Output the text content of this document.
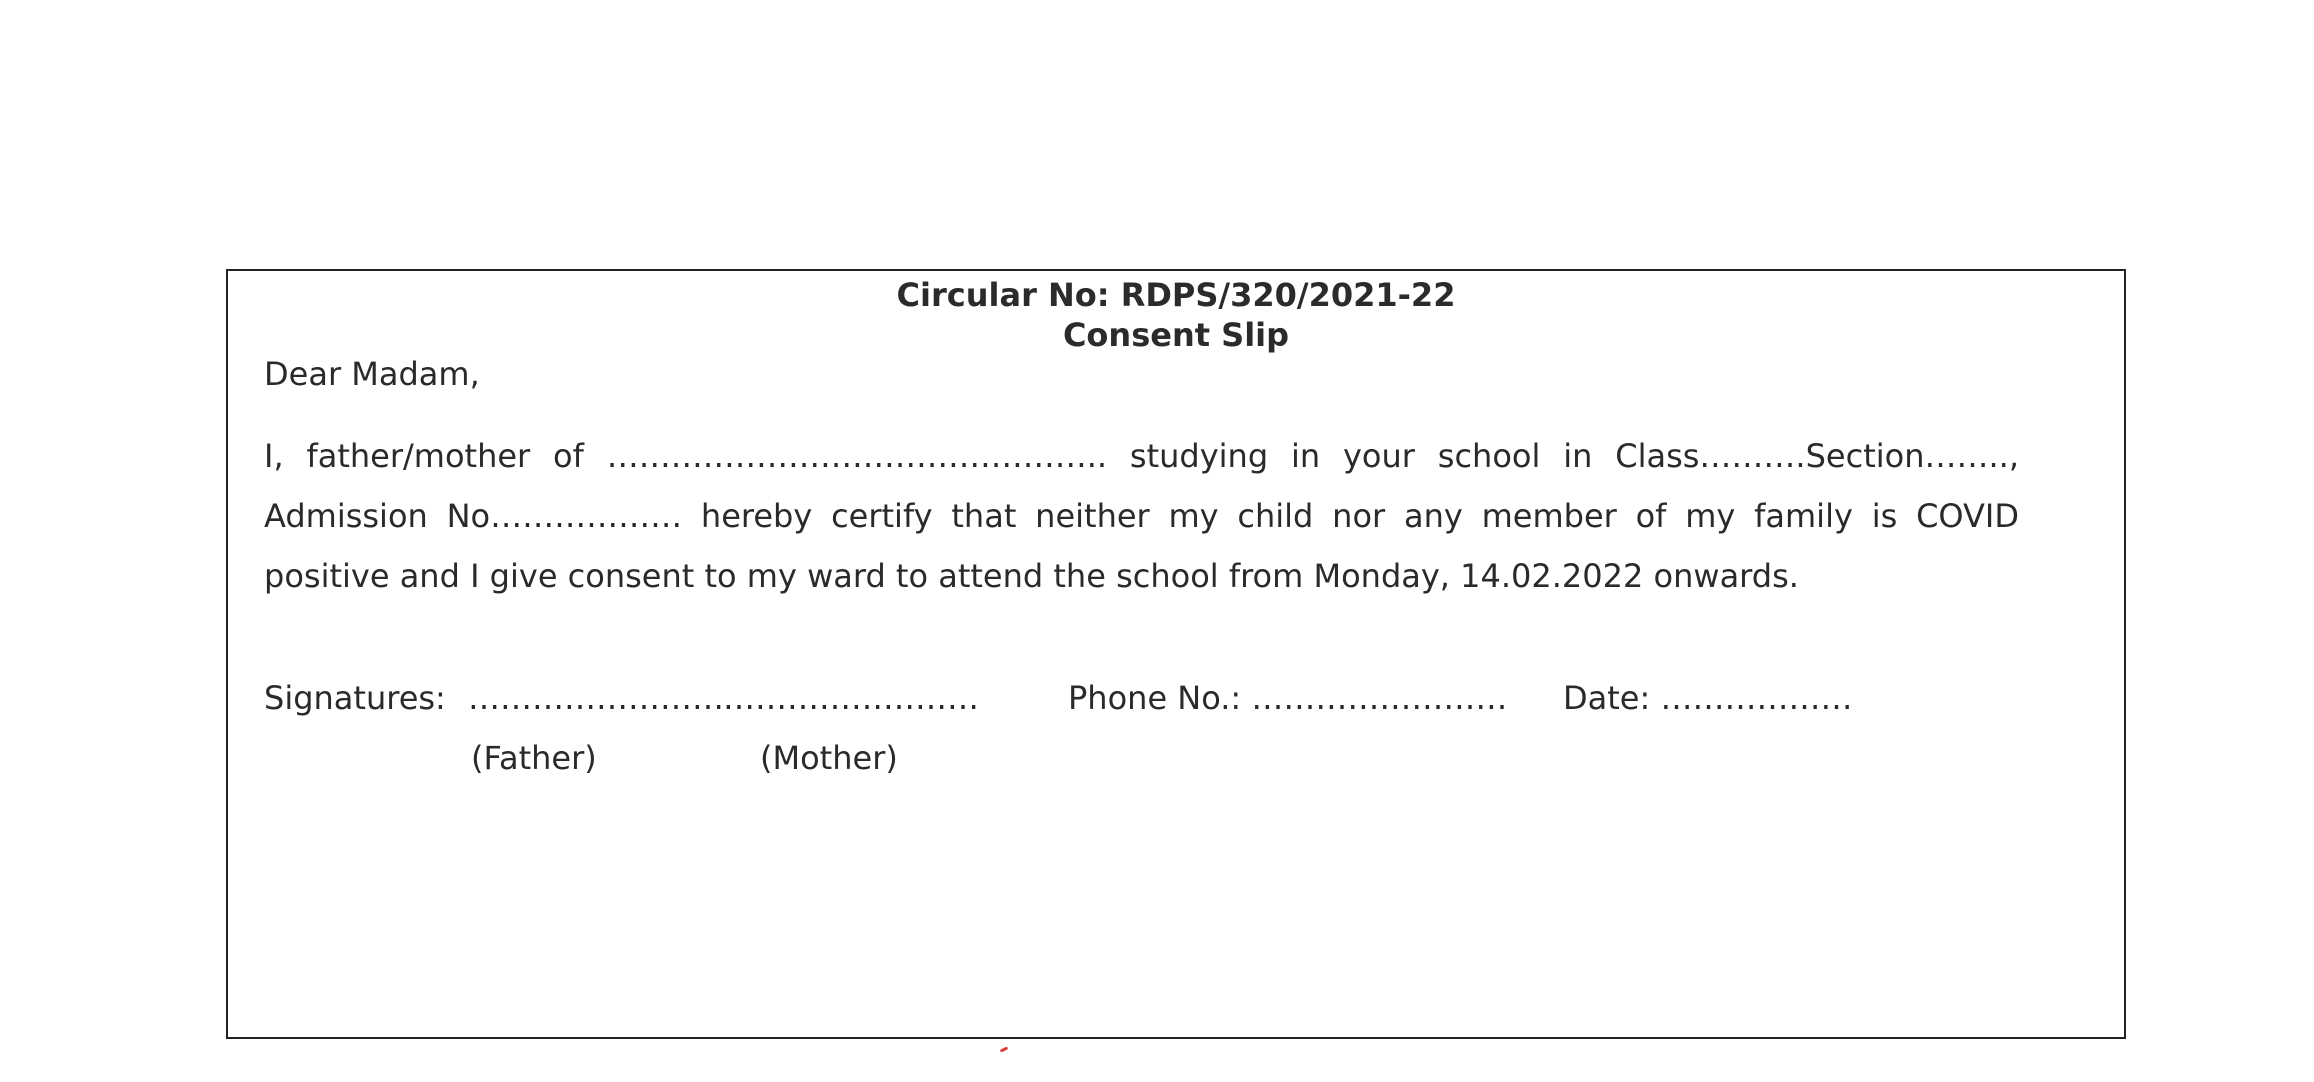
Circular No: RDPS/320/2021-22
Consent Slip
Dear Madam,
I, father/mother of ……………………………………….. studying in your school in Class……….Section…….., Admission No……………… hereby certify that neither my child nor any member of my family is COVID positive and I give consent to my ward to attend the school from Monday, 14.02.2022 onwards.
Signatures: …………………… ……………………	Phone No.: …………………… Date: ………………
(Father)	(Mother)
